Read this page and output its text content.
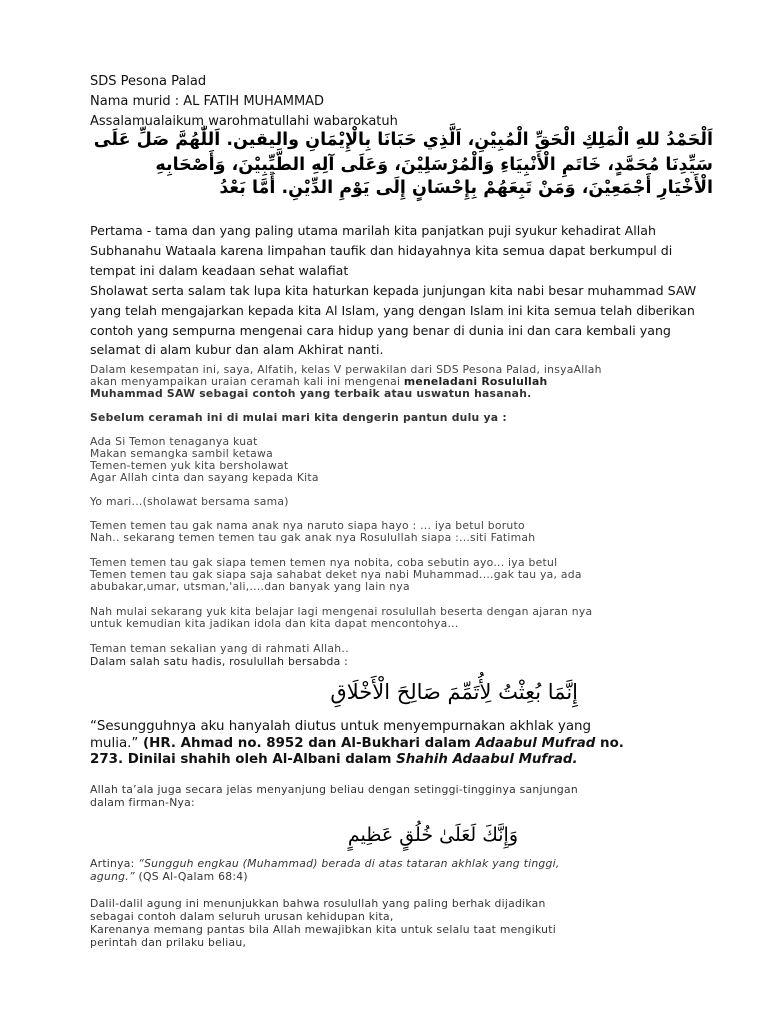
SDS Pesona Palad
Nama murid : AL FATIH MUHAMMAD
Assalamualaikum warohmatullahi wabarokatuh
اَلْحَمْدُ للهِ الْمَلِكِ الْحَقِّ الْمُبِيْنِ، اَلَّذِي حَبَانَا بِالْإِيْمَانِ واليقين. اَللّٰهُمَّ صَلِّ عَلَى
سَيِّدِنَا مُحَمَّدٍ، خَاتَمِ الْأَنْبِيَاءِ وَالْمُرْسَلِيْنَ، وَعَلَى آلِهِ الطَّيِّبِيْنَ، وَأَصْحَابِهِ
الْأَخْيَارِ أَجْمَعِيْنَ، وَمَنْ تَبِعَهُمْ بِإِحْسَانٍ إِلَى يَوْمِ الدِّيْنِ. أَمَّا بَعْدُ
Pertama - tama dan yang paling utama marilah kita panjatkan puji syukur kehadirat Allah
Subhanahu Wataala karena limpahan taufik dan hidayahnya kita semua dapat berkumpul di
tempat ini dalam keadaan sehat walafiat
Sholawat serta salam tak lupa kita haturkan kepada junjungan kita nabi besar muhammad SAW
yang telah mengajarkan kepada kita Al Islam, yang dengan Islam ini kita semua telah diberikan
contoh yang sempurna mengenai cara hidup yang benar di dunia ini dan cara kembali yang
selamat di alam kubur dan alam Akhirat nanti.
Dalam kesempatan ini, saya, Alfatih, kelas V perwakilan dari SDS Pesona Palad, insyaAllah
akan menyampaikan uraian ceramah kali ini mengenai meneladani Rosulullah
Muhammad SAW sebagai contoh yang terbaik atau uswatun hasanah.
Sebelum ceramah ini di mulai mari kita dengerin pantun dulu ya :
Ada Si Temon tenaganya kuat
Makan semangka sambil ketawa
Temen-temen yuk kita bersholawat
Agar Allah cinta dan sayang kepada Kita
Yo mari...(sholawat bersama sama)
Temen temen tau gak nama anak nya naruto siapa hayo : ... iya betul boruto
Nah.. sekarang temen temen tau gak anak nya Rosulullah siapa :...siti Fatimah
Temen temen tau gak siapa temen temen nya nobita, coba sebutin ayo... iya betul
Temen temen tau gak siapa saja sahabat deket nya nabi Muhammad....gak tau ya, ada
abubakar,umar, utsman,'ali,....dan banyak yang lain nya
Nah mulai sekarang yuk kita belajar lagi mengenai rosulullah beserta dengan ajaran nya
untuk kemudian kita jadikan idola dan kita dapat mencontohya...
Teman teman sekalian yang di rahmati Allah..
Dalam salah satu hadis, rosulullah bersabda :
إِنَّمَا بُعِثْتُ لِأُتَمِّمَ صَالِحَ الْأَخْلَاقِ
“Sesungguhnya aku hanyalah diutus untuk menyempurnakan akhlak yang
mulia.” (HR. Ahmad no. 8952 dan Al-Bukhari dalam Adaabul Mufrad no.
273. Dinilai shahih oleh Al-Albani dalam Shahih Adaabul Mufrad.
Allah ta’ala juga secara jelas menyanjung beliau dengan setinggi-tingginya sanjungan
dalam firman-Nya:
وَإِنَّكَ لَعَلَىٰ خُلُقٍ عَظِيمٍ
Artinya: “Sungguh engkau (Muhammad) berada di atas tataran akhlak yang tinggi,
agung.” (QS Al-Qalam 68:4)
Dalil-dalil agung ini menunjukkan bahwa rosulullah yang paling berhak dijadikan
sebagai contoh dalam seluruh urusan kehidupan kita,
Karenanya memang pantas bila Allah mewajibkan kita untuk selalu taat mengikuti
perintah dan prilaku beliau,
